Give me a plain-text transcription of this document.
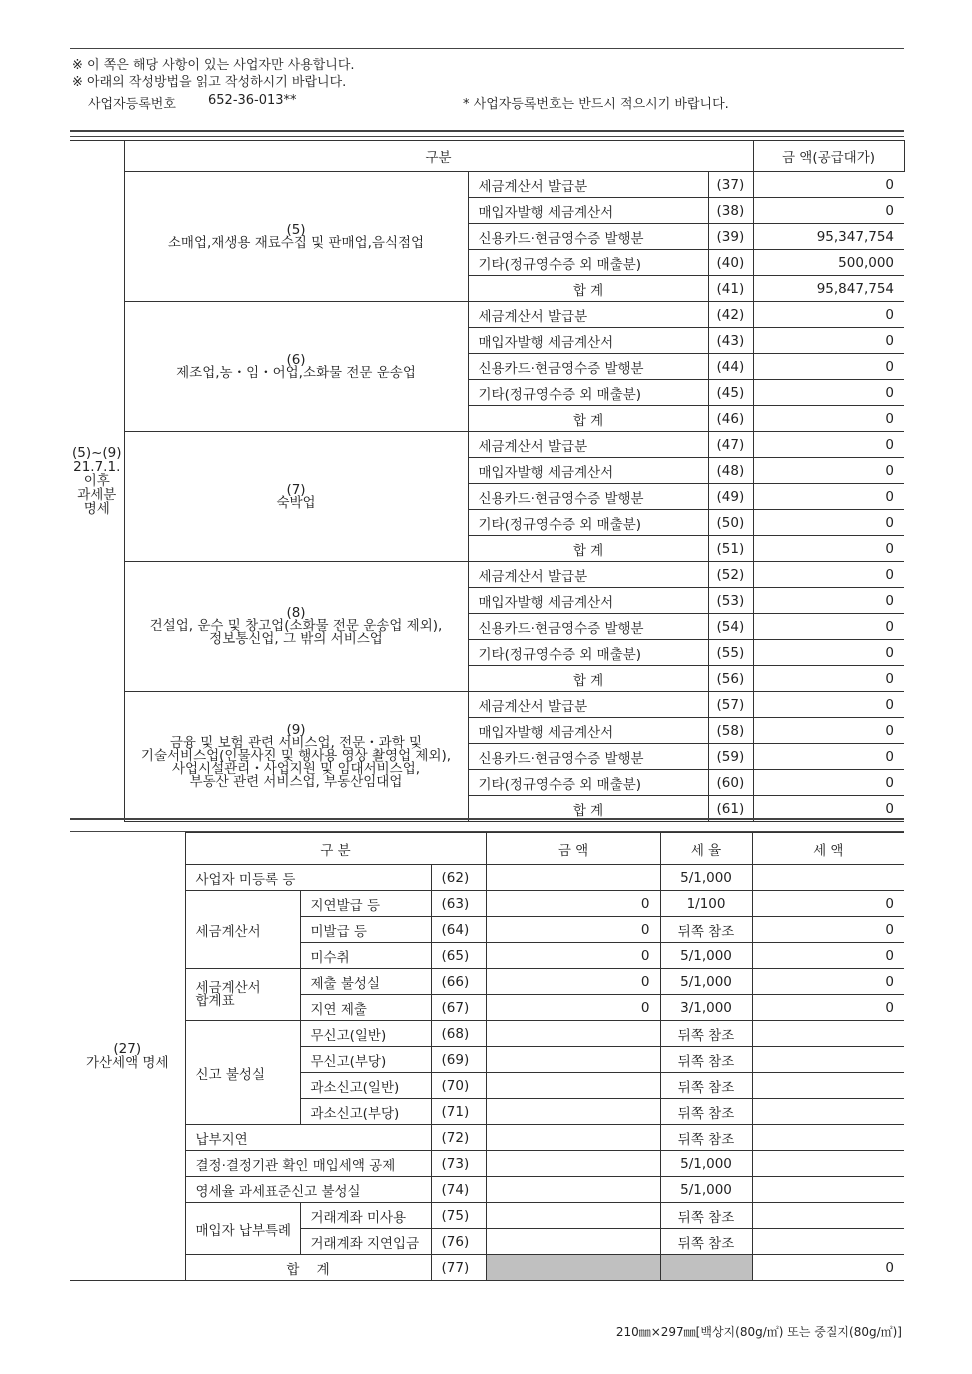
※ 이 쪽은 해당 사항이 있는 사업자만 사용합니다.
※ 아래의 작성방법을 읽고 작성하시기 바랍니다.
사업자등록번호 652-36-013**	* 사업자등록번호는 반드시 적으시기 바랍니다.
(5)~(9)
21.7.1.
이후
과세분
명세	구분			금 액(공급대가)
	(5)
소매업,재생용 재료수집 및 판매업,음식점업	세금계산서 발급분	(37)	0
		매입자발행 세금계산서	(38)	0
		신용카드·현금영수증 발행분	(39)	95,347,754
		기타(정규영수증 외 매출분)	(40)	500,000
		합 계	(41)	95,847,754
	(6)
제조업,농・임・어업,소화물 전문 운송업	세금계산서 발급분	(42)	0
		매입자발행 세금계산서	(43)	0
		신용카드·현금영수증 발행분	(44)	0
		기타(정규영수증 외 매출분)	(45)	0
		합 계	(46)	0
	(7)
숙박업	세금계산서 발급분	(47)	0
		매입자발행 세금계산서	(48)	0
		신용카드·현금영수증 발행분	(49)	0
		기타(정규영수증 외 매출분)	(50)	0
		합 계	(51)	0
	(8)
건설업, 운수 및 창고업(소화물 전문 운송업 제외),
정보통신업, 그 밖의 서비스업	세금계산서 발급분	(52)	0
		매입자발행 세금계산서	(53)	0
		신용카드·현금영수증 발행분	(54)	0
		기타(정규영수증 외 매출분)	(55)	0
		합 계	(56)	0
	(9)
금융 및 보험 관련 서비스업, 전문・과학 및
기술서비스업(인물사진 및 행사용 영상 촬영업 제외),
사업시설관리・사업지원 및 임대서비스업,
부동산 관련 서비스업, 부동산임대업	세금계산서 발급분	(57)	0
		매입자발행 세금계산서	(58)	0
		신용카드·현금영수증 발행분	(59)	0
		기타(정규영수증 외 매출분)	(60)	0
		합 계	(61)	0
(27)
가산세액 명세	구 분			금 액	세 율	세 액
	사업자 미등록 등		(62)		5/1,000	
	세금계산서	지연발급 등	(63)	0	1/100	0
		미발급 등	(64)	0	뒤쪽 참조	0
		미수취	(65)	0	5/1,000	0
	세금계산서
합계표	제출 불성실	(66)	0	5/1,000	0
		지연 제출	(67)	0	3/1,000	0
	신고 불성실	무신고(일반)	(68)		뒤쪽 참조	
		무신고(부당)	(69)		뒤쪽 참조	
		과소신고(일반)	(70)		뒤쪽 참조	
		과소신고(부당)	(71)		뒤쪽 참조	
	납부지연		(72)		뒤쪽 참조	
	결정·결정기관 확인 매입세액 공제		(73)		5/1,000	
	영세율 과세표준신고 불성실		(74)		5/1,000	
	매입자 납부특례	거래계좌 미사용	(75)		뒤쪽 참조	
		거래계좌 지연입금	(76)		뒤쪽 참조	
	합    계		(77)			0
210㎜×297㎜[백상지(80g/㎡) 또는 중질지(80g/㎡)]
